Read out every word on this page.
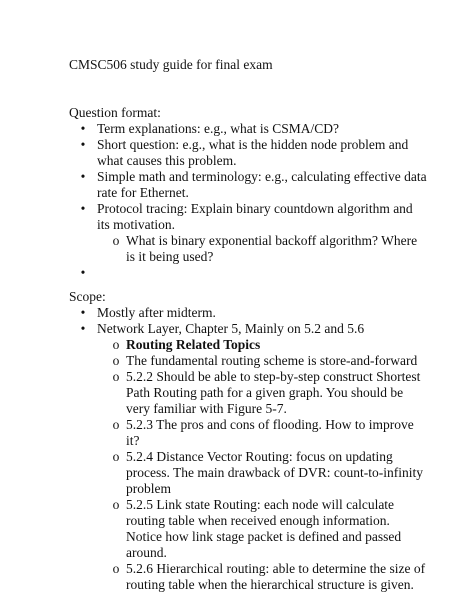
CMSC506 study guide for final exam
Question format:
• Term explanations: e.g., what is CSMA/CD?
• Short question: e.g., what is the hidden node problem and what causes this problem.
• Simple math and terminology: e.g., calculating effective data rate for Ethernet.
• Protocol tracing: Explain binary countdown algorithm and its motivation.
o What is binary exponential backoff algorithm? Where is it being used?
•
Scope:
• Mostly after midterm.
• Network Layer, Chapter 5, Mainly on 5.2 and 5.6
o Routing Related Topics
o The fundamental routing scheme is store-and-forward
o 5.2.2 Should be able to step-by-step construct Shortest Path Routing path for a given graph. You should be very familiar with Figure 5-7.
o 5.2.3 The pros and cons of flooding. How to improve it?
o 5.2.4 Distance Vector Routing: focus on updating process. The main drawback of DVR: count-to-infinity problem
o 5.2.5 Link state Routing: each node will calculate routing table when received enough information. Notice how link stage packet is defined and passed around.
o 5.2.6 Hierarchical routing: able to determine the size of routing table when the hierarchical structure is given.
